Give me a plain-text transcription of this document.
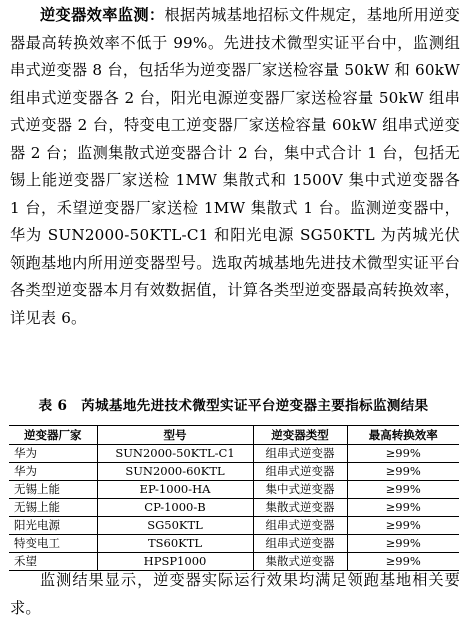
逆变器效率监测：根据芮城基地招标文件规定，基地所用逆变器最高转换效率不低于 99%。先进技术微型实证平台中，监测组串式逆变器 8 台，包括华为逆变器厂家送检容量 50kW 和 60kW 组串式逆变器各 2 台，阳光电源逆变器厂家送检容量 50kW 组串式逆变器 2 台，特变电工逆变器厂家送检容量 60kW 组串式逆变器 2 台；监测集散式逆变器合计 2 台，集中式合计 1 台，包括无锡上能逆变器厂家送检 1MW 集散式和 1500V 集中式逆变器各 1 台，禾望逆变器厂家送检 1MW 集散式 1 台。监测逆变器中，华为 SUN2000-50KTL-C1 和阳光电源 SG50KTL 为芮城光伏领跑基地内所用逆变器型号。选取芮城基地先进技术微型实证平台各类型逆变器本月有效数据值，计算各类型逆变器最高转换效率，详见表 6。

表 6　芮城基地先进技术微型实证平台逆变器主要指标监测结果

逆变器厂家	型号	逆变器类型	最高转换效率
华为	SUN2000-50KTL-C1	组串式逆变器	≥99%
华为	SUN2000-60KTL	组串式逆变器	≥99%
无锡上能	EP-1000-HA	集中式逆变器	≥99%
无锡上能	CP-1000-B	集散式逆变器	≥99%
阳光电源	SG50KTL	组串式逆变器	≥99%
特变电工	TS60KTL	组串式逆变器	≥99%
禾望	HPSP1000	集散式逆变器	≥99%

监测结果显示，逆变器实际运行效果均满足领跑基地相关要求。
